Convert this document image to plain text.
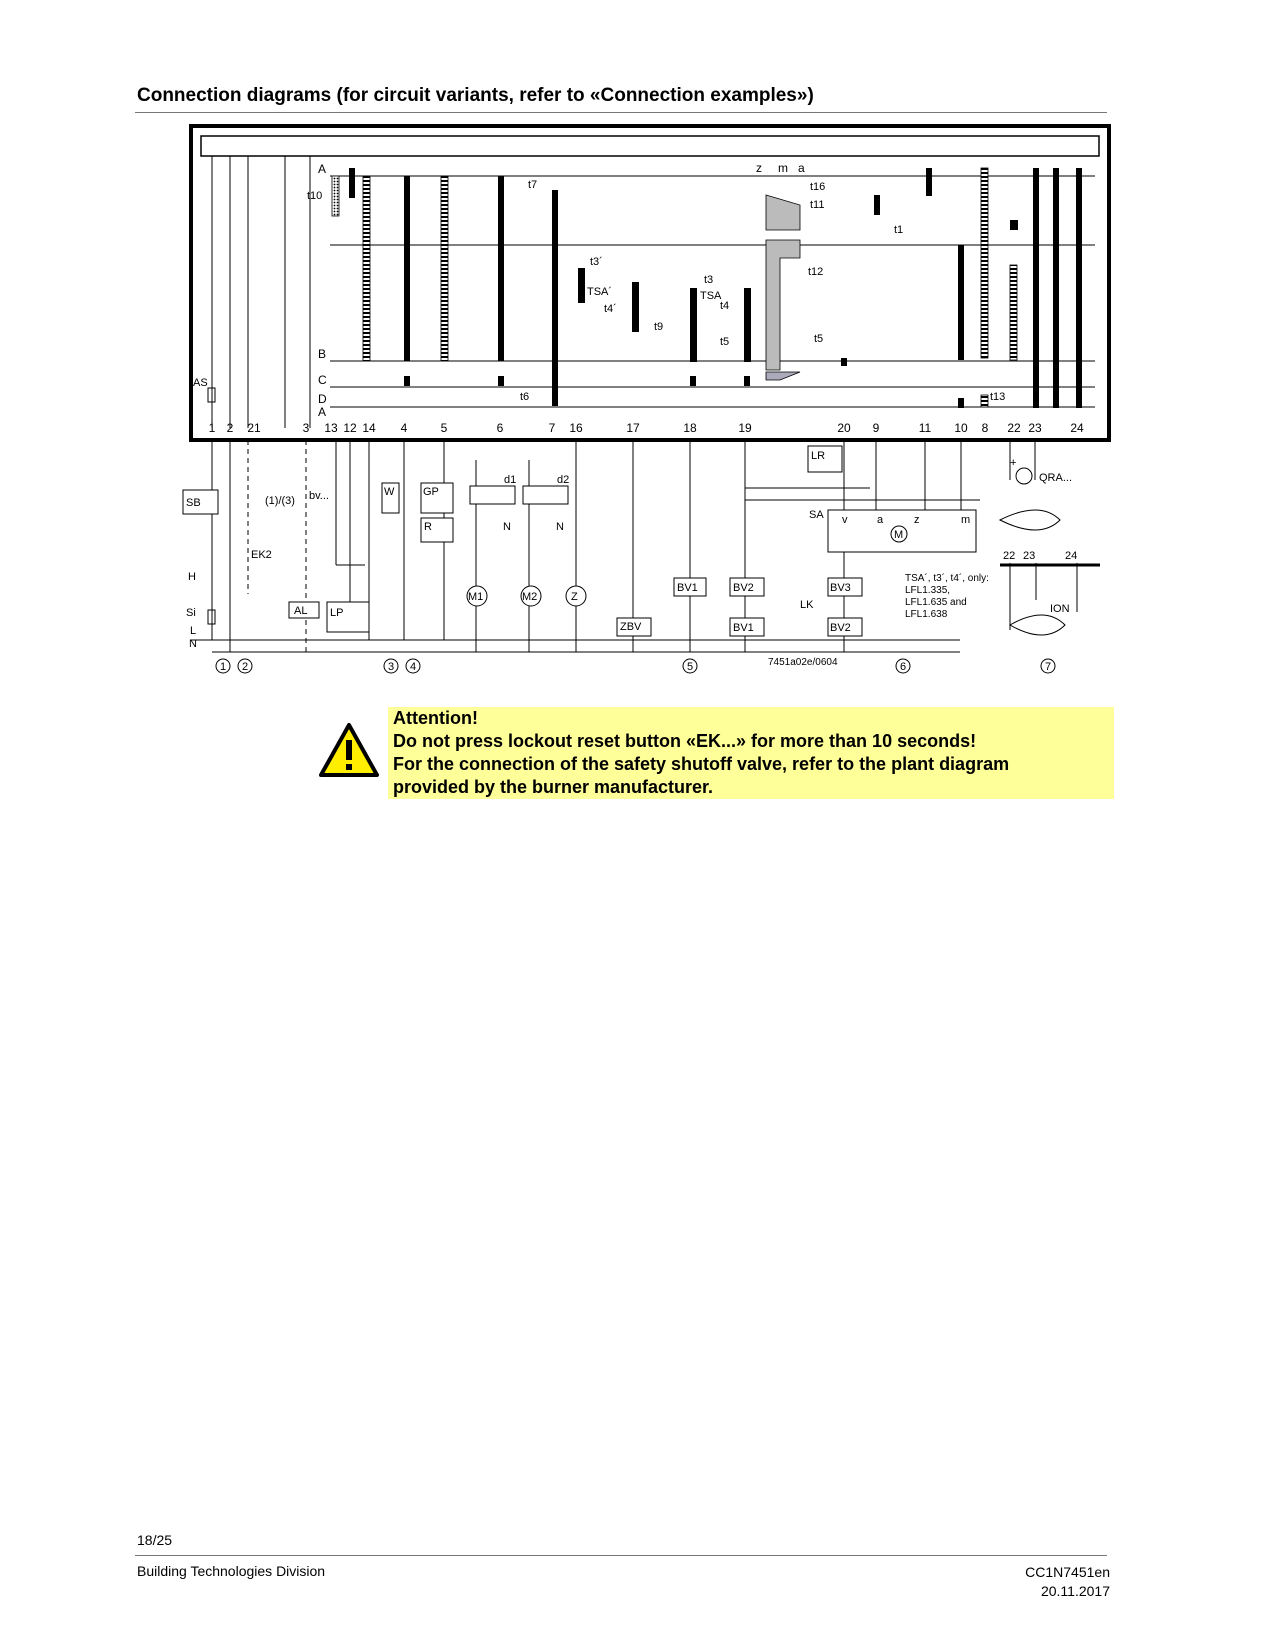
Connection diagrams (for circuit variants, refer to «Connection examples»)
A
B
C
D
A
z m a
t10
t7	t16
t11
t1
t3´
TSA´
t4´
t9
t3
TSA
t4
t5
t12
t5
t6	t13
1 2 21	3 13 12 14 4	5	6	7 16	17	18	19	20 9	11 10 8 22 23 24
AS
SB
H
Si
L
N
(1)/(3) bv...
EK2
AL LP
W	GP
R
d1	d2
N	N
M1	M2	Z
ZBV
BV1	BV2
BV1
LK
LR
SA v	a	z	m
M
BV3
BV2
QRA...
+
22 23	24
ION
TSA´, t3´, t4´, only:
LFL1.335,
LFL1.635 and
LFL1.638
7451a02e/0604
1 2	3 4	5	6	7
Attention!
Do not press lockout reset button «EK...» for more than 10 seconds!
For the connection of the safety shutoff valve, refer to the plant diagram
provided by the burner manufacturer.
18/25
Building Technologies Division	CC1N7451en
20.11.2017
